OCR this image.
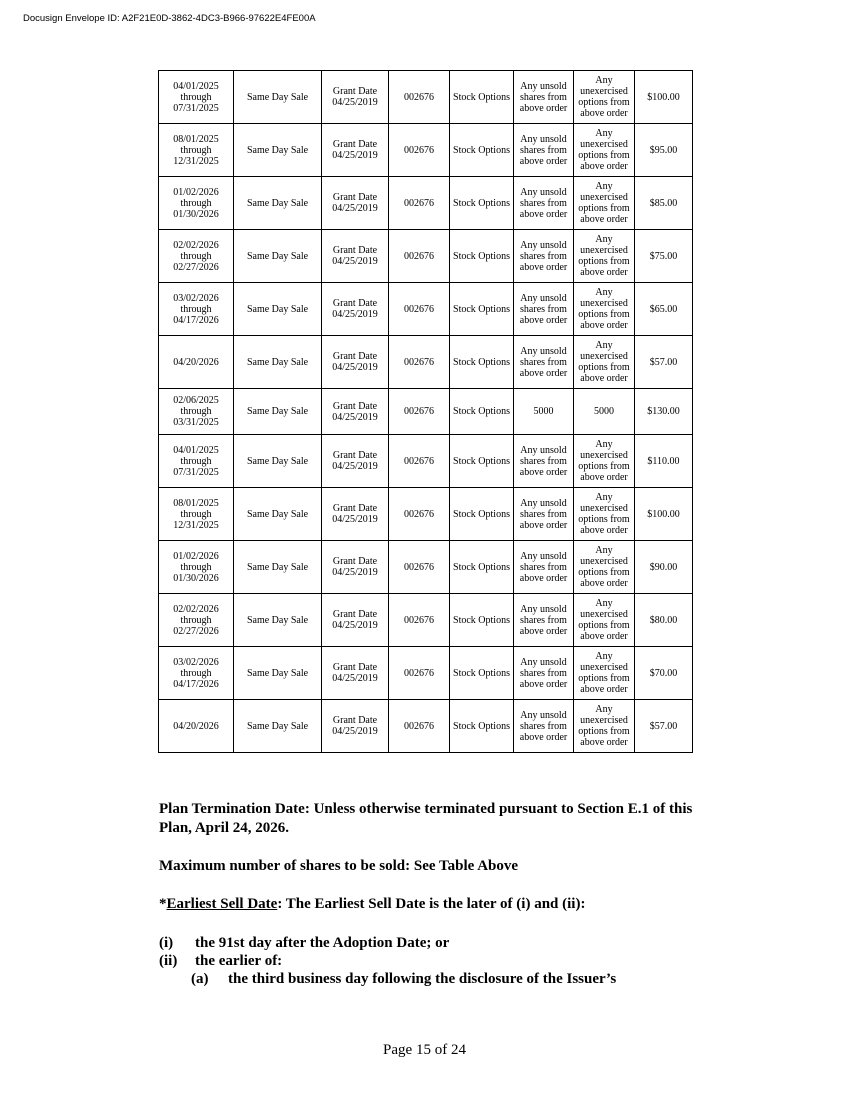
Docusign Envelope ID: A2F21E0D-3862-4DC3-B966-97622E4FE00A
04/01/2025
through
07/31/2025	Same Day Sale	Grant Date 04/25/2019	002676	Stock Options	Any unsold shares from above order	Any unexercised options from above order	$100.00

08/01/2025
through
12/31/2025	Same Day Sale	Grant Date 04/25/2019	002676	Stock Options	Any unsold shares from above order	Any unexercised options from above order	$95.00

01/02/2026
through
01/30/2026	Same Day Sale	Grant Date 04/25/2019	002676	Stock Options	Any unsold shares from above order	Any unexercised options from above order	$85.00

02/02/2026
through
02/27/2026	Same Day Sale	Grant Date 04/25/2019	002676	Stock Options	Any unsold shares from above order	Any unexercised options from above order	$75.00

03/02/2026
through
04/17/2026	Same Day Sale	Grant Date 04/25/2019	002676	Stock Options	Any unsold shares from above order	Any unexercised options from above order	$65.00

04/20/2026	Same Day Sale	Grant Date 04/25/2019	002676	Stock Options	Any unsold shares from above order	Any unexercised options from above order	$57.00

02/06/2025
through
03/31/2025	Same Day Sale	Grant Date 04/25/2019	002676	Stock Options	5000	5000	$130.00

04/01/2025
through
07/31/2025	Same Day Sale	Grant Date 04/25/2019	002676	Stock Options	Any unsold shares from above order	Any unexercised options from above order	$110.00

08/01/2025
through
12/31/2025	Same Day Sale	Grant Date 04/25/2019	002676	Stock Options	Any unsold shares from above order	Any unexercised options from above order	$100.00

01/02/2026
through
01/30/2026	Same Day Sale	Grant Date 04/25/2019	002676	Stock Options	Any unsold shares from above order	Any unexercised options from above order	$90.00

02/02/2026
through
02/27/2026	Same Day Sale	Grant Date 04/25/2019	002676	Stock Options	Any unsold shares from above order	Any unexercised options from above order	$80.00

03/02/2026
through
04/17/2026	Same Day Sale	Grant Date 04/25/2019	002676	Stock Options	Any unsold shares from above order	Any unexercised options from above order	$70.00

04/20/2026	Same Day Sale	Grant Date 04/25/2019	002676	Stock Options	Any unsold shares from above order	Any unexercised options from above order	$57.00
Plan Termination Date: Unless otherwise terminated pursuant to Section E.1 of this Plan, April 24, 2026.
Maximum number of shares to be sold: See Table Above
*Earliest Sell Date: The Earliest Sell Date is the later of (i) and (ii):
(i)	the 91st day after the Adoption Date; or
(ii)	the earlier of:
(a)	the third business day following the disclosure of the Issuer’s
Page 15 of 24
